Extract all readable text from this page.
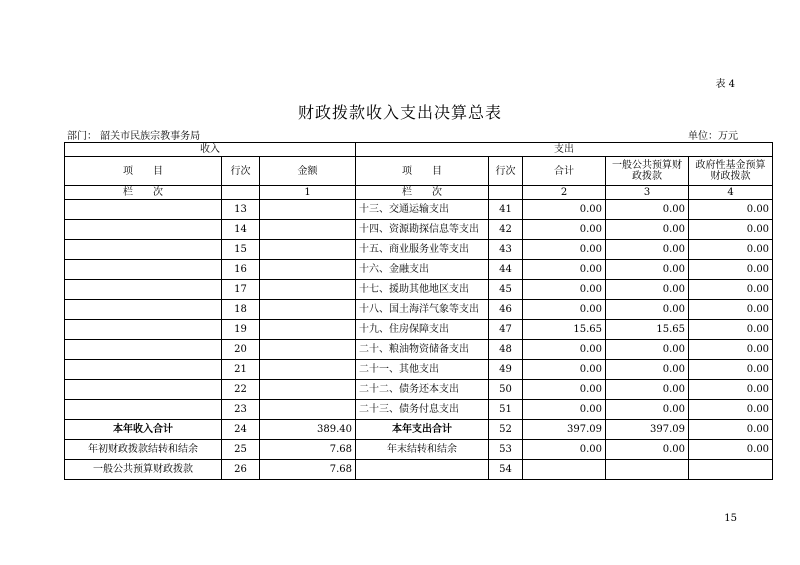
表 4
财政拨款收入支出决算总表
部门： 韶关市民族宗教事务局	单位：万元
收入			支出				
项　　目	行次	金额	项　　目	行次	合计	一般公共预算财政拨款	政府性基金预算财政拨款
栏　　次		1	栏　　次		2	3	4
	13		十三、交通运输支出	41	0.00	0.00	0.00
	14		十四、资源勘探信息等支出	42	0.00	0.00	0.00
	15		十五、商业服务业等支出	43	0.00	0.00	0.00
	16		十六、金融支出	44	0.00	0.00	0.00
	17		十七、援助其他地区支出	45	0.00	0.00	0.00
	18		十八、国土海洋气象等支出	46	0.00	0.00	0.00
	19		十九、住房保障支出	47	15.65	15.65	0.00
	20		二十、粮油物资储备支出	48	0.00	0.00	0.00
	21		二十一、其他支出	49	0.00	0.00	0.00
	22		二十二、债务还本支出	50	0.00	0.00	0.00
	23		二十三、债务付息支出	51	0.00	0.00	0.00
本年收入合计	24	389.40	本年支出合计	52	397.09	397.09	0.00
年初财政拨款结转和结余	25	7.68	年末结转和结余	53	0.00	0.00	0.00
一般公共预算财政拨款	26	7.68		54			
15
